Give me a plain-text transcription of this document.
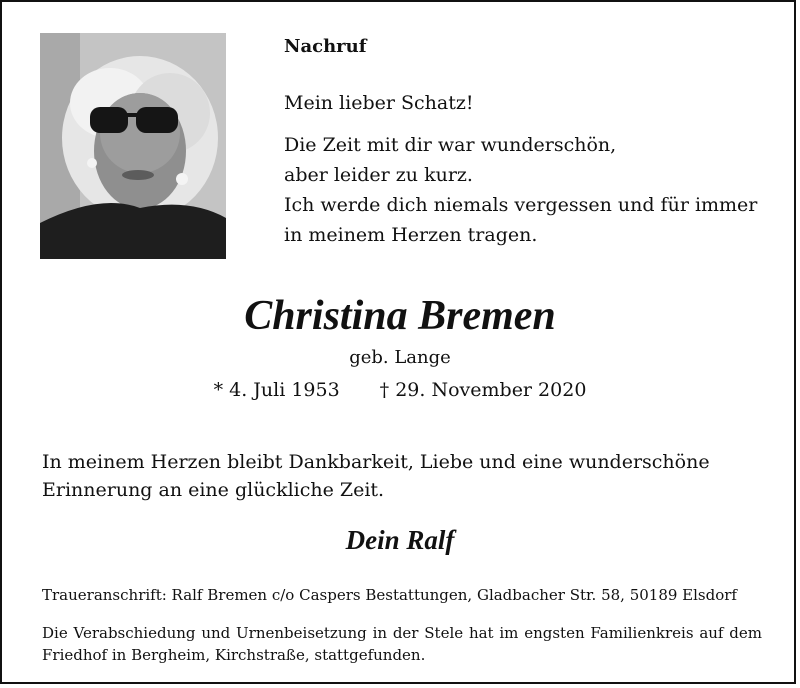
Nachruf
Mein lieber Schatz!
Die Zeit mit dir war wunderschön,
aber leider zu kurz.
Ich werde dich niemals vergessen und für immer
in meinem Herzen tragen.
Christina Bremen
geb. Lange
* 4. Juli 1953 † 29. November 2020
In meinem Herzen bleibt Dankbarkeit, Liebe und eine wunderschöne
Erinnerung an eine glückliche Zeit.
Dein Ralf
Traueranschrift: Ralf Bremen c/o Caspers Bestattungen, Gladbacher Str. 58, 50189 Elsdorf
Die Verabschiedung und Urnenbeisetzung in der Stele hat im engsten Familienkreis auf dem Friedhof in Bergheim, Kirchstraße, stattgefunden.
